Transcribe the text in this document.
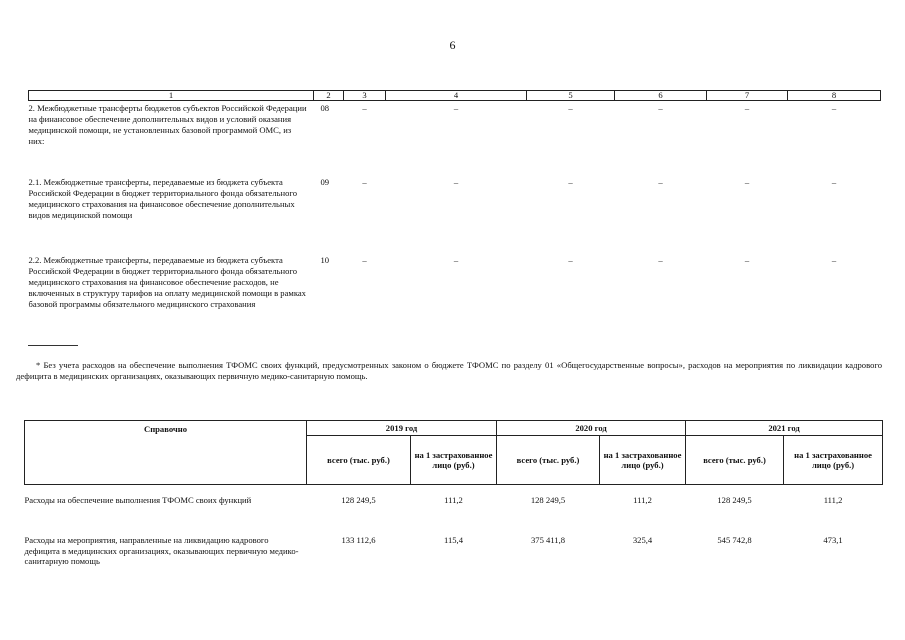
6
1	2	3	4	5	6	7	8
2. Межбюджетные трансферты бюджетов субъектов Российской Федерации на финансовое обеспечение дополнительных видов и условий оказания медицинской помощи, не установленных базовой программой ОМС, из них:	08	–	–	–	–	–	–
2.1. Межбюджетные трансферты, передаваемые из бюджета субъекта Российской Федерации в бюджет территориального фонда обязательного медицинского страхования на финансовое обеспечение дополнительных видов медицинской помощи	09	–	–	–	–	–	–
2.2. Межбюджетные трансферты, передаваемые из бюджета субъекта Российской Федерации в бюджет территориального фонда обязательного медицинского страхования на финансовое обеспечение расходов, не включенных в структуру тарифов на оплату медицинской помощи в рамках базовой программы обязательного медицинского страхования	10	–	–	–	–	–	–
* Без учета расходов на обеспечение выполнения ТФОМС своих функций, предусмотренных законом о бюджете ТФОМС по разделу 01 «Общегосударственные вопросы», расходов на мероприятия по ликвидации кадрового дефицита в медицинских организациях, оказывающих первичную медико-санитарную помощь.
Справочно	2019 год		2020 год		2021 год	
	всего (тыс. руб.)	на 1 застрахованное лицо (руб.)	всего (тыс. руб.)	на 1 застрахованное лицо (руб.)	всего (тыс. руб.)	на 1 застрахованное лицо (руб.)
Расходы на обеспечение выполнения ТФОМС своих функций	128 249,5	111,2	128 249,5	111,2	128 249,5	111,2
Расходы на мероприятия, направленные на ликвидацию кадрового дефицита в медицинских организациях, оказывающих первичную медико-санитарную помощь	133 112,6	115,4	375 411,8	325,4	545 742,8	473,1
